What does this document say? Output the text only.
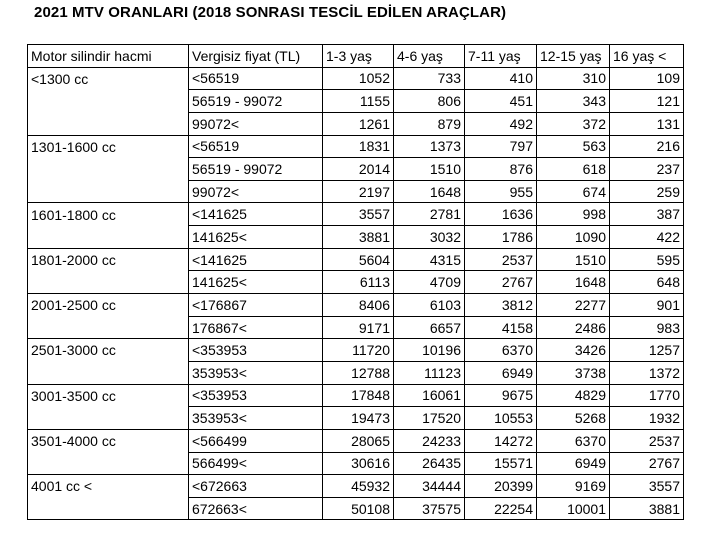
2021 MTV ORANLARI (2018 SONRASI TESCİL EDİLEN ARAÇLAR)
Motor silindir hacmi	Vergisiz fiyat (TL)	1-3 yaş	4-6 yaş	7-11 yaş	12-15 yaş	16 yaş <
<1300 cc	<56519	1052	733	410	310	109
	56519 - 99072	1155	806	451	343	121
	99072<	1261	879	492	372	131
1301-1600 cc	<56519	1831	1373	797	563	216
	56519 - 99072	2014	1510	876	618	237
	99072<	2197	1648	955	674	259
1601-1800 cc	<141625	3557	2781	1636	998	387
	141625<	3881	3032	1786	1090	422
1801-2000 cc	<141625	5604	4315	2537	1510	595
	141625<	6113	4709	2767	1648	648
2001-2500 cc	<176867	8406	6103	3812	2277	901
	176867<	9171	6657	4158	2486	983
2501-3000 cc	<353953	11720	10196	6370	3426	1257
	353953<	12788	11123	6949	3738	1372
3001-3500 cc	<353953	17848	16061	9675	4829	1770
	353953<	19473	17520	10553	5268	1932
3501-4000 cc	<566499	28065	24233	14272	6370	2537
	566499<	30616	26435	15571	6949	2767
4001 cc <	<672663	45932	34444	20399	9169	3557
	672663<	50108	37575	22254	10001	3881
